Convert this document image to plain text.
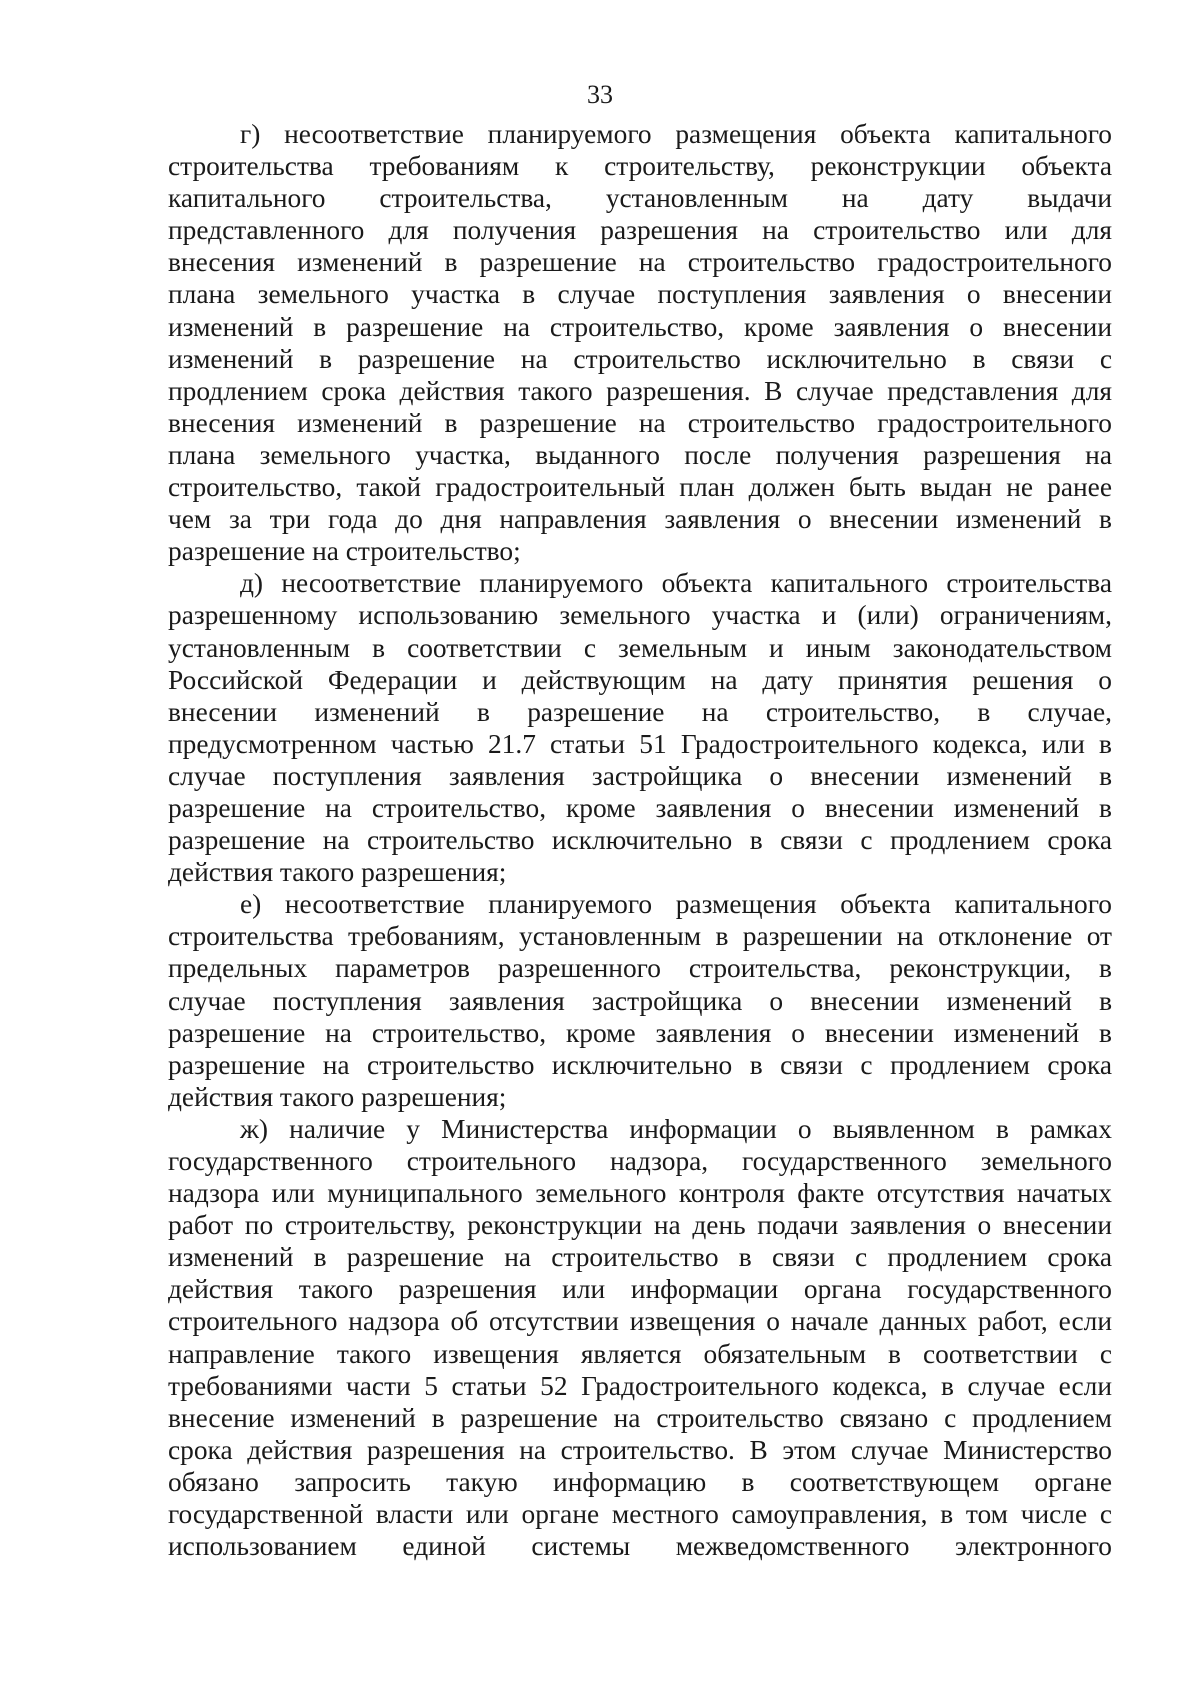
33
г) несоответствие планируемого размещения объекта капитального
строительства требованиям к строительству, реконструкции объекта
капитального строительства, установленным на дату выдачи
представленного для получения разрешения на строительство или для
внесения изменений в разрешение на строительство градостроительного
плана земельного участка в случае поступления заявления о внесении
изменений в разрешение на строительство, кроме заявления о внесении
изменений в разрешение на строительство исключительно в связи с
продлением срока действия такого разрешения. В случае представления для
внесения изменений в разрешение на строительство градостроительного
плана земельного участка, выданного после получения разрешения на
строительство, такой градостроительный план должен быть выдан не ранее
чем за три года до дня направления заявления о внесении изменений в
разрешение на строительство;
д) несоответствие планируемого объекта капитального строительства
разрешенному использованию земельного участка и (или) ограничениям,
установленным в соответствии с земельным и иным законодательством
Российской Федерации и действующим на дату принятия решения о
внесении изменений в разрешение на строительство, в случае,
предусмотренном частью 21.7 статьи 51 Градостроительного кодекса, или в
случае поступления заявления застройщика о внесении изменений в
разрешение на строительство, кроме заявления о внесении изменений в
разрешение на строительство исключительно в связи с продлением срока
действия такого разрешения;
е) несоответствие планируемого размещения объекта капитального
строительства требованиям, установленным в разрешении на отклонение от
предельных параметров разрешенного строительства, реконструкции, в
случае поступления заявления застройщика о внесении изменений в
разрешение на строительство, кроме заявления о внесении изменений в
разрешение на строительство исключительно в связи с продлением срока
действия такого разрешения;
ж) наличие у Министерства информации о выявленном в рамках
государственного строительного надзора, государственного земельного
надзора или муниципального земельного контроля факте отсутствия начатых
работ по строительству, реконструкции на день подачи заявления о внесении
изменений в разрешение на строительство в связи с продлением срока
действия такого разрешения или информации органа государственного
строительного надзора об отсутствии извещения о начале данных работ, если
направление такого извещения является обязательным в соответствии с
требованиями части 5 статьи 52 Градостроительного кодекса, в случае если
внесение изменений в разрешение на строительство связано с продлением
срока действия разрешения на строительство. В этом случае Министерство
обязано запросить такую информацию в соответствующем органе
государственной власти или органе местного самоуправления, в том числе с
использованием единой системы межведомственного электронного
